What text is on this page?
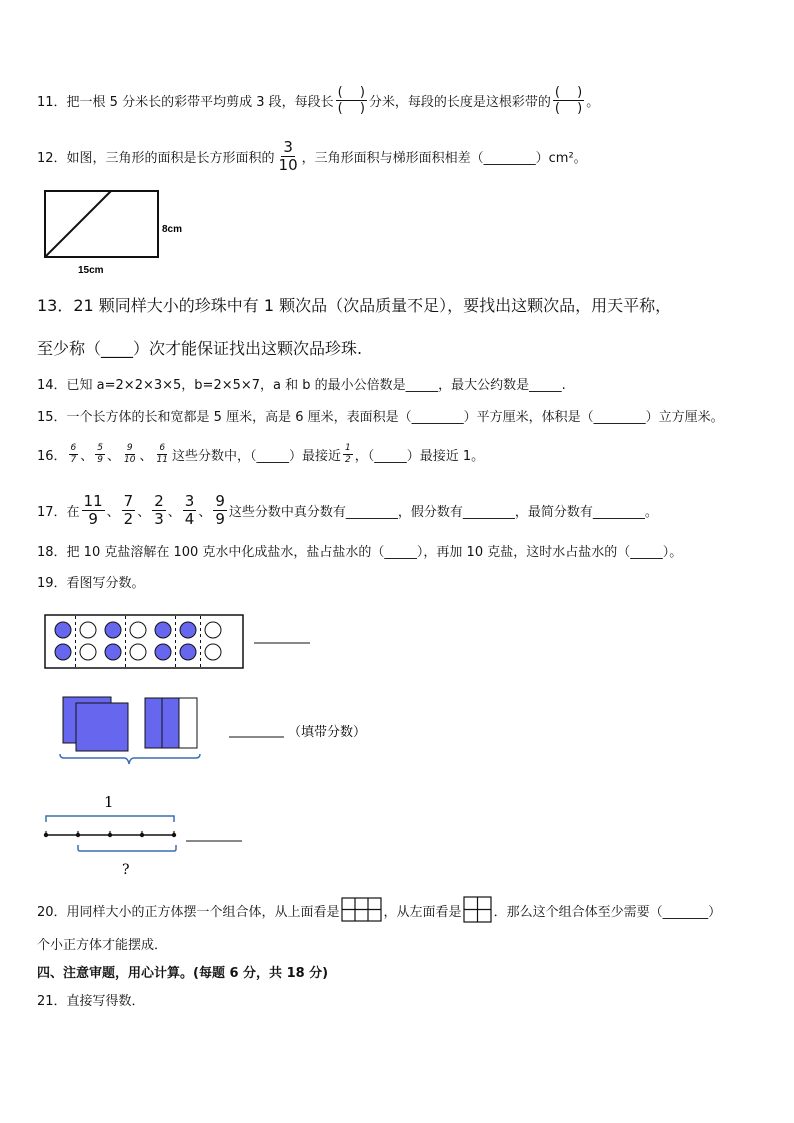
11．把一根 5 分米长的彩带平均剪成 3 段，每段长 $\frac{( )}{( )}$ 分米，每段的长度是这根彩带的 $\frac{( )}{( )}$ 。
12．如图，三角形的面积是长方形面积的 $\frac{3}{10}$ ，三角形面积与梯形面积相差（________）cm²。
8cm
15cm
13．21 颗同样大小的珍珠中有 1 颗次品（次品质量不足），要找出这颗次品，用天平称，
至少称（____）次才能保证找出这颗次品珍珠.
14．已知 a=2×2×3×5，b=2×5×7，a 和 b 的最小公倍数是_____，最大公约数是_____.
15．一个长方体的长和宽都是 5 厘米，高是 6 厘米，表面积是（________）平方厘米，体积是（________）立方厘米。
16． $\frac{6}{7}$ 、 $\frac{5}{9}$ 、 $\frac{9}{10}$ 、 $\frac{6}{11}$ 这些分数中，（_____）最接近 $\frac{1}{2}$ ，（_____）最接近 1。
17．在 $\frac{11}{9}$ 、 $\frac{7}{2}$ 、 $\frac{2}{3}$ 、 $\frac{3}{4}$ 、 $\frac{9}{9}$ 这些分数中真分数有________，假分数有________，最简分数有________。
18．把 10 克盐溶解在 100 克水中化成盐水，盐占盐水的（_____），再加 10 克盐，这时水占盐水的（_____）。
19．看图写分数。
（填带分数）
1
?
20．用同样大小的正方体摆一个组合体，从上面看是	，从左面看是 ．那么这个组合体至少需要（_______）
个小正方体才能摆成．
四、注意审题，用心计算。(每题 6 分，共 18 分)
21．直接写得数．
